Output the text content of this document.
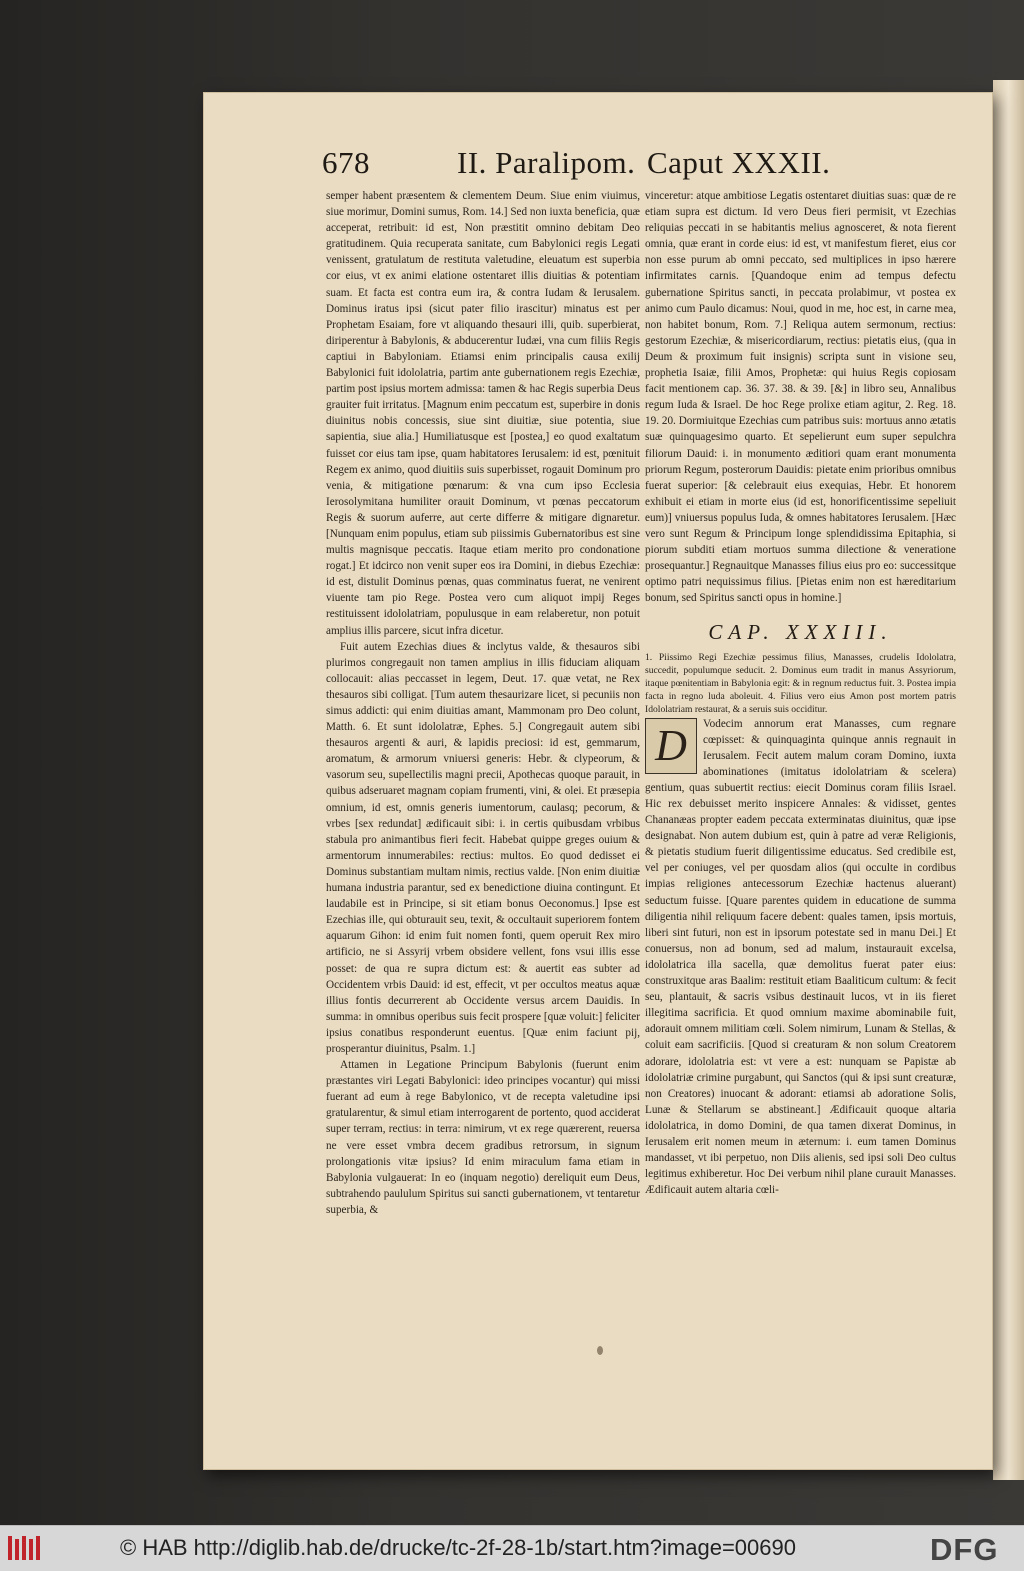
678	II. Paralipom. Caput XXXII.

semper habent præsentem & clementem Deum. Siue enim viuimus, siue morimur, Domini sumus, Rom. 14.] Sed non iuxta beneficia, quæ acceperat, retribuit: id est, Non præstitit omnino debitam Deo gratitudinem. Quia recuperata sanitate, cum Babylonici regis Legati venissent, gratulatum de restituta valetudine, eleuatum est superbia cor eius, vt ex animi elatione ostentaret illis diuitias & potentiam suam. Et facta est contra eum ira, & contra Iudam & Ierusalem. Dominus iratus ipsi (sicut pater filio irascitur) minatus est per Prophetam Esaiam, fore vt aliquando thesauri illi, quib. superbierat, diriperentur à Babylonis, & abducerentur Iudæi, vna cum filiis Regis captiui in Babyloniam. Etiamsi enim principalis causa exilij Babylonici fuit idololatria, partim ante gubernationem regis Ezechiæ, partim post ipsius mortem admissa: tamen & hac Regis superbia Deus grauiter fuit irritatus. [Magnum enim peccatum est, superbire in donis diuinitus nobis concessis, siue sint diuitiæ, siue potentia, siue sapientia, siue alia.] Humiliatusque est [postea,] eo quod exaltatum fuisset cor eius tam ipse, quam habitatores Ierusalem: id est, pœnituit Regem ex animo, quod diuitiis suis superbisset, rogauit Dominum pro venia, & mitigatione pœnarum: & vna cum ipso Ecclesia Ierosolymitana humiliter orauit Dominum, vt pœnas peccatorum Regis & suorum auferre, aut certe differre & mitigare dignaretur. [Nunquam enim populus, etiam sub piissimis Gubernatoribus est sine multis magnisque peccatis. Itaque etiam merito pro condonatione rogat.] Et idcirco non venit super eos ira Domini, in diebus Ezechiæ: id est, distulit Dominus pœnas, quas comminatus fuerat, ne venirent viuente tam pio Rege. Postea vero cum aliquot impij Reges restituissent idololatriam, populusque in eam relaberetur, non potuit amplius illis parcere, sicut infra dicetur.

Fuit autem Ezechias diues & inclytus valde, & thesauros sibi plurimos congregauit non tamen amplius in illis fiduciam aliquam collocauit: alias peccasset in legem, Deut. 17. quæ vetat, ne Rex thesauros sibi colligat. [Tum autem thesaurizare licet, si pecuniis non simus addicti: qui enim diuitias amant, Mammonam pro Deo colunt, Matth. 6. Et sunt idololatræ, Ephes. 5.] Congregauit autem sibi thesauros argenti & auri, & lapidis preciosi: id est, gemmarum, aromatum, & armorum vniuersi generis: Hebr. & clypeorum, & vasorum seu, supellectilis magni precii, Apothecas quoque parauit, in quibus adseruaret magnam copiam frumenti, vini, & olei. Et præsepia omnium, id est, omnis generis iumentorum, caulasq; pecorum, & vrbes [sex redundat] ædificauit sibi: i. in certis quibusdam vrbibus stabula pro animantibus fieri fecit. Habebat quippe greges ouium & armentorum innumerabiles: rectius: multos. Eo quod dedisset ei Dominus substantiam multam nimis, rectius valde. [Non enim diuitiæ humana industria parantur, sed ex benedictione diuina contingunt. Et laudabile est in Principe, si sit etiam bonus Oeconomus.] Ipse est Ezechias ille, qui obturauit seu, texit, & occultauit superiorem fontem aquarum Gihon: id enim fuit nomen fonti, quem operuit Rex miro artificio, ne si Assyrij vrbem obsidere vellent, fons vsui illis esse posset: de qua re supra dictum est: & auertit eas subter ad Occidentem vrbis Dauid: id est, effecit, vt per occultos meatus aquæ illius fontis decurrerent ab Occidente versus arcem Dauidis. In summa: in omnibus operibus suis fecit prospere [quæ voluit:] feliciter ipsius conatibus responderunt euentus. [Quæ enim faciunt pij, prosperantur diuinitus, Psalm. 1.]

Attamen in Legatione Principum Babylonis (fuerunt enim præstantes viri Legati Babylonici: ideo principes vocantur) qui missi fuerant ad eum à rege Babylonico, vt de recepta valetudine ipsi gratularentur, & simul etiam interrogarent de portento, quod acciderat super terram, rectius: in terra: nimirum, vt ex rege quærerent, reuersa ne vere esset vmbra decem gradibus retrorsum, in signum prolongationis vitæ ipsius? Id enim miraculum fama etiam in Babylonia vulgauerat: In eo (inquam negotio) dereliquit eum Deus, subtrahendo paululum Spiritus sui sancti gubernationem, vt tentaretur superbia, &

vinceretur: atque ambitiose Legatis ostentaret diuitias suas: quæ de re etiam supra est dictum. Id vero Deus fieri permisit, vt Ezechias reliquias peccati in se habitantis melius agnosceret, & nota fierent omnia, quæ erant in corde eius: id est, vt manifestum fieret, eius cor non esse purum ab omni peccato, sed multiplices in ipso hærere infirmitates carnis. [Quandoque enim ad tempus defectu gubernatione Spiritus sancti, in peccata prolabimur, vt postea ex animo cum Paulo dicamus: Noui, quod in me, hoc est, in carne mea, non habitet bonum, Rom. 7.] Reliqua autem sermonum, rectius: gestorum Ezechiæ, & misericordiarum, rectius: pietatis eius, (qua in Deum & proximum fuit insignis) scripta sunt in visione seu, prophetia Isaiæ, filii Amos, Prophetæ: qui huius Regis copiosam facit mentionem cap. 36. 37. 38. & 39. [&] in libro seu, Annalibus regum Iuda & Israel. De hoc Rege prolixe etiam agitur, 2. Reg. 18. 19. 20. Dormiuitque Ezechias cum patribus suis: mortuus anno ætatis suæ quinquagesimo quarto. Et sepelierunt eum super sepulchra filiorum Dauid: i. in monumento æditiori quam erant monumenta priorum Regum, posterorum Dauidis: pietate enim prioribus omnibus fuerat superior: [& celebrauit eius exequias, Hebr. Et honorem exhibuit ei etiam in morte eius (id est, honorificentissime sepeliuit eum)] vniuersus populus Iuda, & omnes habitatores Ierusalem. [Hæc vero sunt Regum & Principum longe splendidissima Epitaphia, si piorum subditi etiam mortuos summa dilectione & veneratione prosequantur.] Regnauitque Manasses filius eius pro eo: successitque optimo patri nequissimus filius. [Pietas enim non est hæreditarium bonum, sed Spiritus sancti opus in homine.]

CAP. XXXIII.

1. Piissimo Regi Ezechiæ pessimus filius, Manasses, crudelis Idololatra, succedit, populumque seducit. 2. Dominus eum tradit in manus Assyriorum, itaque pœnitentiam in Babylonia egit: & in regnum reductus fuit. 3. Postea impia facta in regno luda aboleuit. 4. Filius vero eius Amon post mortem patris Idololatriam restaurat, & a seruis suis occiditur.

D	Vodecim annorum erat Manasses, cum regnare cœpisset: & quinquaginta quinque annis regnauit in Ierusalem. Fecit autem malum coram Domino, iuxta abominationes (imitatus idololatriam & scelera) gentium, quas subuertit rectius: eiecit Dominus coram filiis Israel. Hic rex debuisset merito inspicere Annales: & vidisset, gentes Chananæas propter eadem peccata exterminatas diuinitus, quæ ipse designabat. Non autem dubium est, quin à patre ad veræ Religionis, & pietatis studium fuerit diligentissime educatus. Sed credibile est, vel per coniuges, vel per quosdam alios (qui occulte in cordibus impias religiones antecessorum Ezechiæ hactenus aluerant) seductum fuisse. [Quare parentes quidem in educatione de summa diligentia nihil reliquum facere debent: quales tamen, ipsis mortuis, liberi sint futuri, non est in ipsorum potestate sed in manu Dei.] Et conuersus, non ad bonum, sed ad malum, instaurauit excelsa, idololatrica illa sacella, quæ demolitus fuerat pater eius: construxitque aras Baalim: restituit etiam Baaliticum cultum: & fecit seu, plantauit, & sacris vsibus destinauit lucos, vt in iis fieret illegitima sacrificia. Et quod omnium maxime abominabile fuit, adorauit omnem militiam cœli. Solem nimirum, Lunam & Stellas, & coluit eam sacrificiis. [Quod si creaturam & non solum Creatorem adorare, idololatria est: vt vere a est: nunquam se Papistæ ab idololatriæ crimine purgabunt, qui Sanctos (qui & ipsi sunt creaturæ, non Creatores) inuocant & adorant: etiamsi ab adoratione Solis, Lunæ & Stellarum se abstineant.] Ædificauit quoque altaria idololatrica, in domo Domini, de qua tamen dixerat Dominus, in Ierusalem erit nomen meum in æternum: i. eum tamen Dominus mandasset, vt ibi perpetuo, non Diis alienis, sed ipsi soli Deo cultus legitimus exhiberetur. Hoc Dei verbum nihil plane curauit Manasses. Ædificauit autem altaria cœli-

© HAB http://diglib.hab.de/drucke/tc-2f-28-1b/start.htm?image=00690	DFG
